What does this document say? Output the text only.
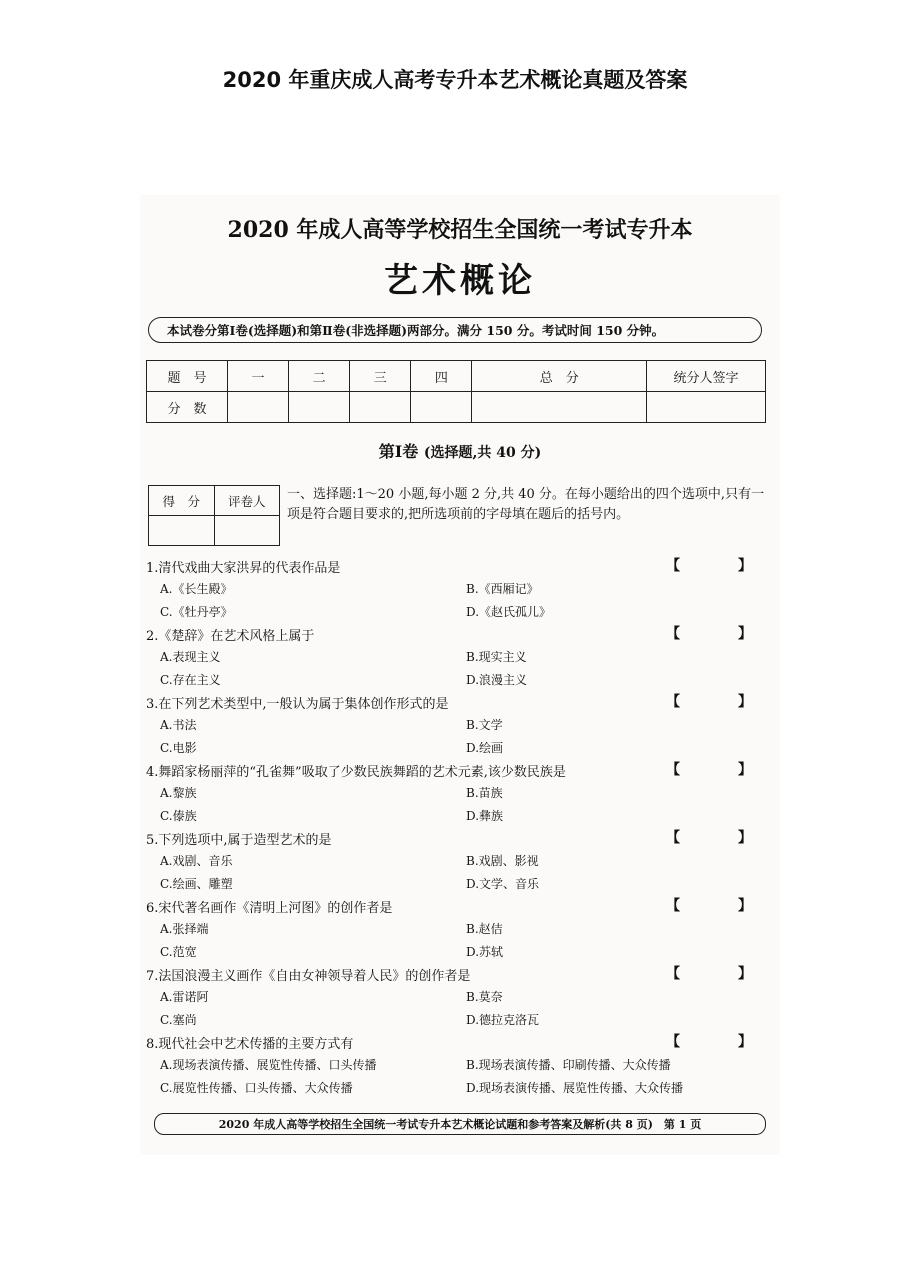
2020 年重庆成人高考专升本艺术概论真题及答案
2020 年成人高等学校招生全国统一考试专升本
艺术概论
本试卷分第Ⅰ卷(选择题)和第Ⅱ卷(非选择题)两部分。满分 150 分。考试时间 150 分钟。
题　号	一	二	三	四	总　分	统分人签字
分　数						
第Ⅰ卷 (选择题,共 40 分)
得　分	评卷人
	一、选择题:1～20 小题,每小题 2 分,共 40 分。在每小题给出的四个选项中,只有一项是符合题目要求的,把所选项前的字母填在题后的括号内。
1.清代戏曲大家洪昇的代表作品是	【　】
A.《长生殿》	B.《西厢记》
C.《牡丹亭》	D.《赵氏孤儿》
2.《楚辞》在艺术风格上属于	【　】
A.表现主义	B.现实主义
C.存在主义	D.浪漫主义
3.在下列艺术类型中,一般认为属于集体创作形式的是	【　】
A.书法	B.文学
C.电影	D.绘画
4.舞蹈家杨丽萍的“孔雀舞”吸取了少数民族舞蹈的艺术元素,该少数民族是	【　】
A.黎族	B.苗族
C.傣族	D.彝族
5.下列选项中,属于造型艺术的是	【　】
A.戏剧、音乐	B.戏剧、影视
C.绘画、雕塑	D.文学、音乐
6.宋代著名画作《清明上河图》的创作者是	【　】
A.张择端	B.赵佶
C.范宽	D.苏轼
7.法国浪漫主义画作《自由女神领导着人民》的创作者是	【　】
A.雷诺阿	B.莫奈
C.塞尚	D.德拉克洛瓦
8.现代社会中艺术传播的主要方式有	【　】
A.现场表演传播、展览性传播、口头传播	B.现场表演传播、印刷传播、大众传播
C.展览性传播、口头传播、大众传播	D.现场表演传播、展览性传播、大众传播
2020 年成人高等学校招生全国统一考试专升本艺术概论试题和参考答案及解析(共 8 页)　第 1 页
